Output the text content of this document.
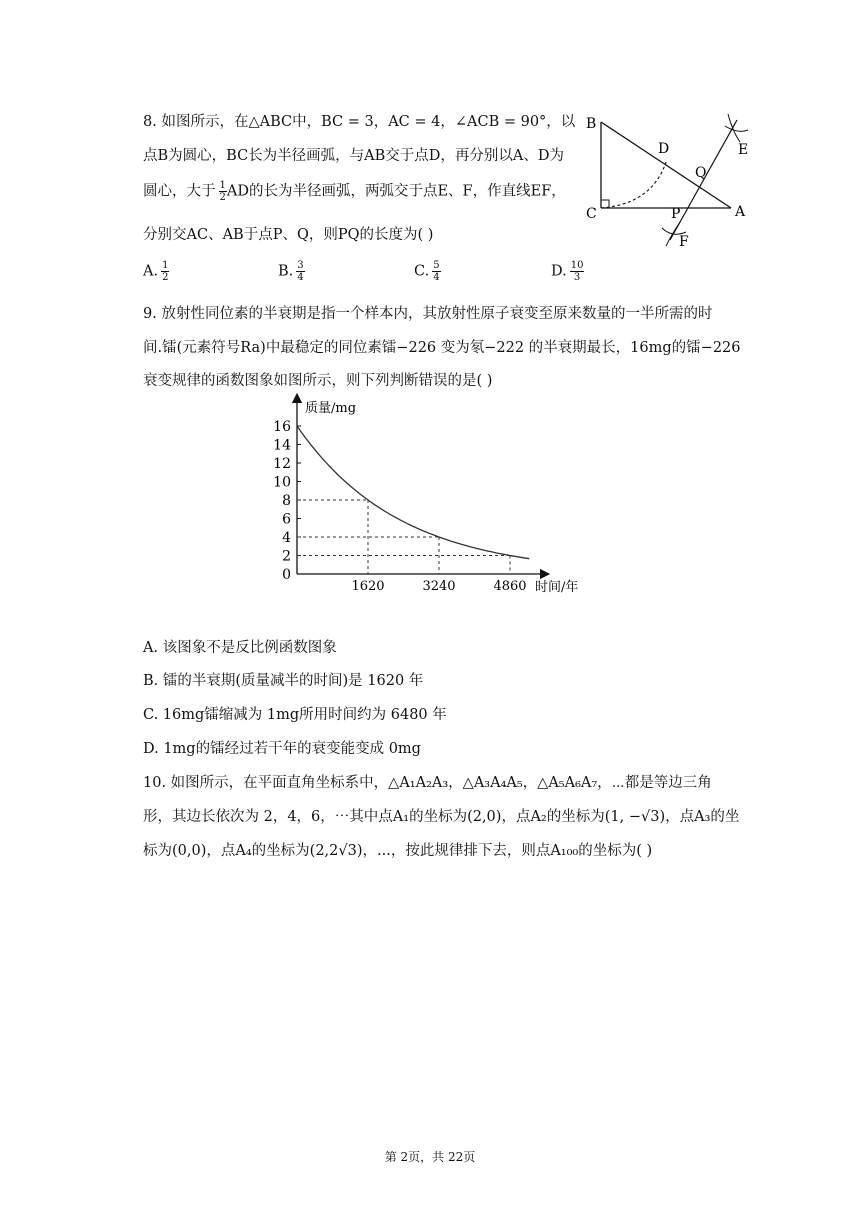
8. 如图所示，在△ABC中，BC = 3，AC = 4，∠ACB = 90°，以
点B为圆心，BC长为半径画弧，与AB交于点D，再分别以A、D为
圆心，大于 $\frac{1}{2}$ AD的长为半径画弧，两弧交于点E、F，作直线EF，
分别交AC、AB于点P、Q，则PQ的长度为( )
A. $\frac{1}{2}$	B. $\frac{3}{4}$	C. $\frac{5}{4}$	D. $\frac{10}{3}$
B
C	A
D
Q
E
P
F
9. 放射性同位素的半衰期是指一个样本内，其放射性原子衰变至原来数量的一半所需的时
间.镭(元素符号Ra)中最稳定的同位素镭−226 变为氡−222 的半衰期最长，16mg的镭−226
衰变规律的函数图象如图所示，则下列判断错误的是( )
质量/mg
时间/年
16
14
12
10
8
6
4
2
0
1620	3240	4860
A. 该图象不是反比例函数图象
B. 镭的半衰期(质量减半的时间)是 1620 年
C. 16mg镭缩减为 1mg所用时间约为 6480 年
D. 1mg的镭经过若干年的衰变能变成 0mg
10. 如图所示，在平面直角坐标系中，△A₁A₂A₃，△A₃A₄A₅，△A₅A₆A₇，⋯都是等边三角
形，其边长依次为 2，4，6，⋯其中点A₁的坐标为(2,0)，点A₂的坐标为(1, −√3)，点A₃的坐
标为(0,0)，点A₄的坐标为(2,2√3)，...，按此规律排下去，则点A₁₀₀的坐标为( )
第 2页，共 22页
